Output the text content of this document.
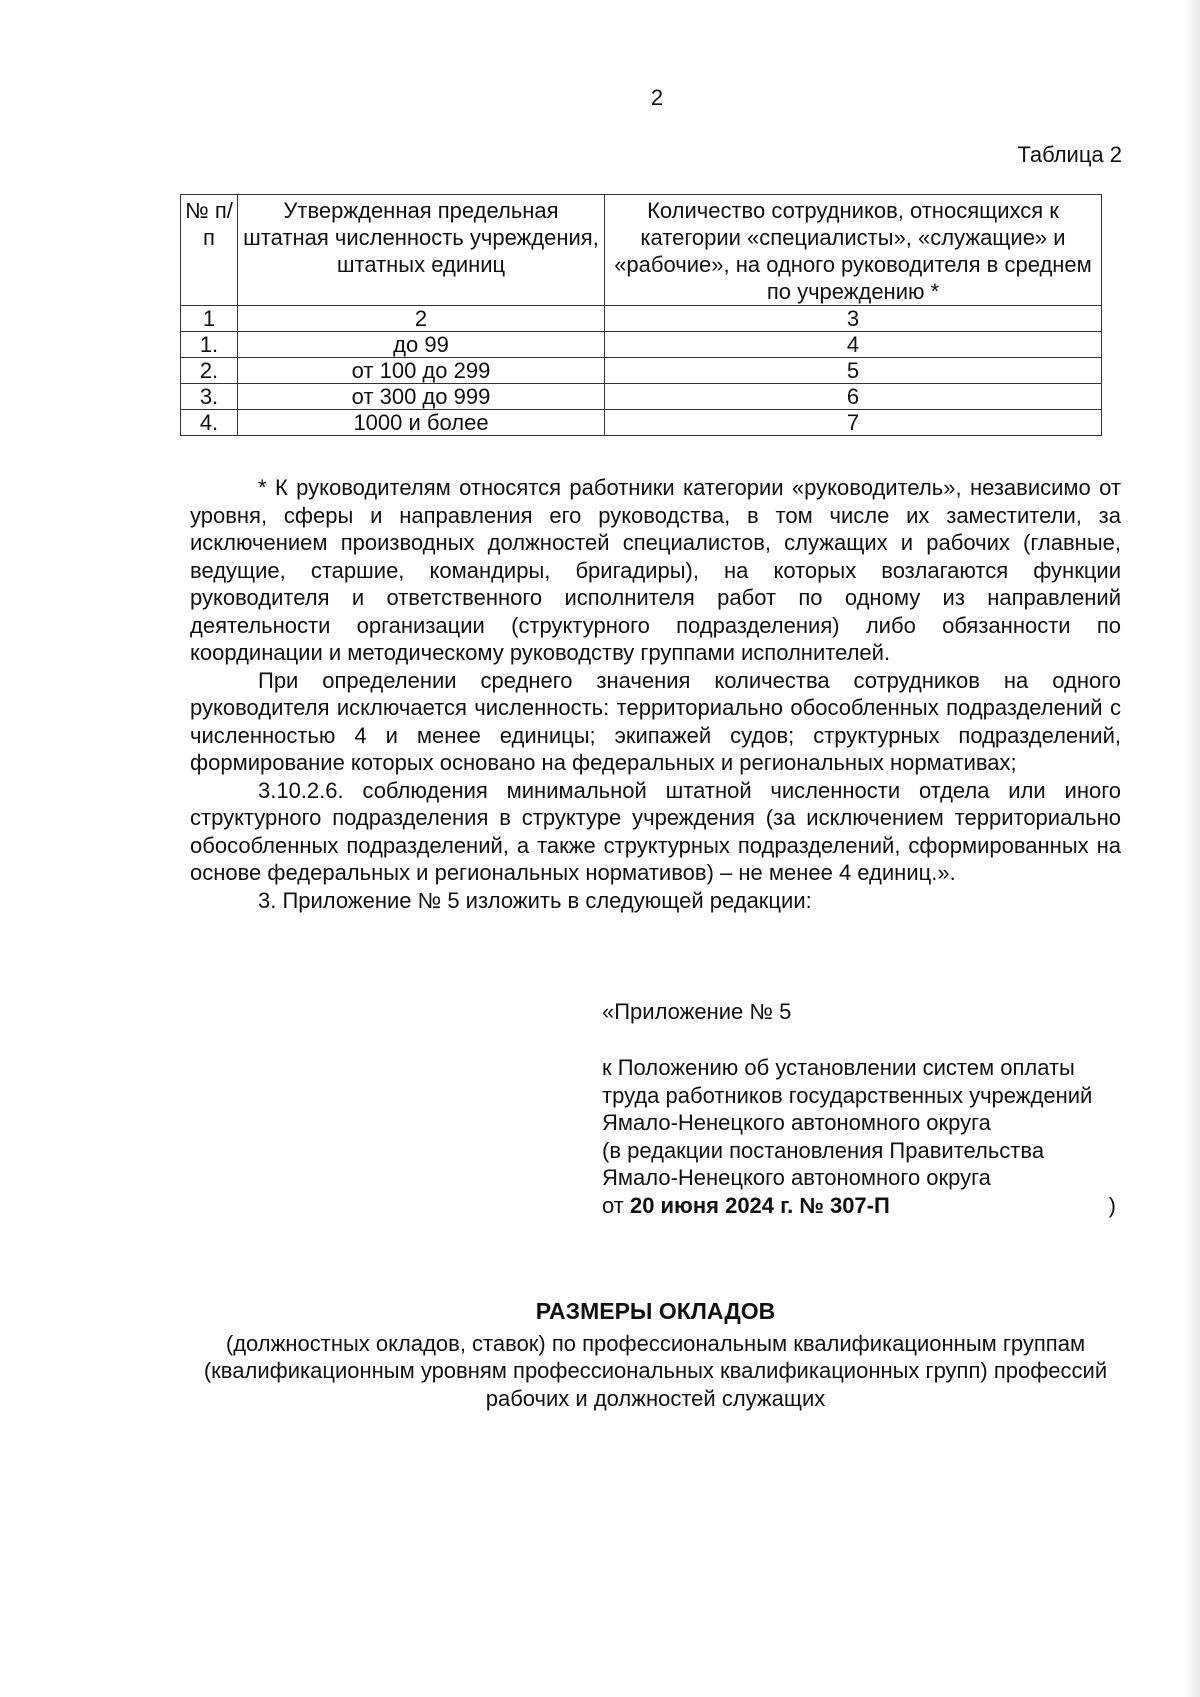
2
Таблица 2
№ п/п	Утвержденная предельная штатная численность учреждения, штатных единиц	Количество сотрудников, относящихся к категории «специалисты», «служащие» и «рабочие», на одного руководителя в среднем по учреждению *
1	2	3
1.	до 99	4
2.	от 100 до 299	5
3.	от 300 до 999	6
4.	1000 и более	7

* К руководителям относятся работники категории «руководитель», независимо от уровня, сферы и направления его руководства, в том числе их заместители, за исключением производных должностей специалистов, служащих и рабочих (главные, ведущие, старшие, командиры, бригадиры), на которых возлагаются функции руководителя и ответственного исполнителя работ по одному из направлений деятельности организации (структурного подразделения) либо обязанности по координации и методическому руководству группами исполнителей.

При определении среднего значения количества сотрудников на одного руководителя исключается численность: территориально обособленных подразделений с численностью 4 и менее единицы; экипажей судов; структурных подразделений, формирование которых основано на федеральных и региональных нормативах;

3.10.2.6. соблюдения минимальной штатной численности отдела или иного структурного подразделения в структуре учреждения (за исключением территориально обособленных подразделений, а также структурных подразделений, сформированных на основе федеральных и региональных нормативов) – не менее 4 единиц.».

3. Приложение № 5 изложить в следующей редакции:

«Приложение № 5
к Положению об установлении систем оплаты труда работников государственных учреждений Ямало-Ненецкого автономного округа
(в редакции постановления Правительства Ямало-Ненецкого автономного округа
от 20 июня 2024 г. № 307-П	)
РАЗМЕРЫ ОКЛАДОВ
(должностных окладов, ставок) по профессиональным квалификационным группам (квалификационным уровням профессиональных квалификационных групп) профессий рабочих и должностей служащих
